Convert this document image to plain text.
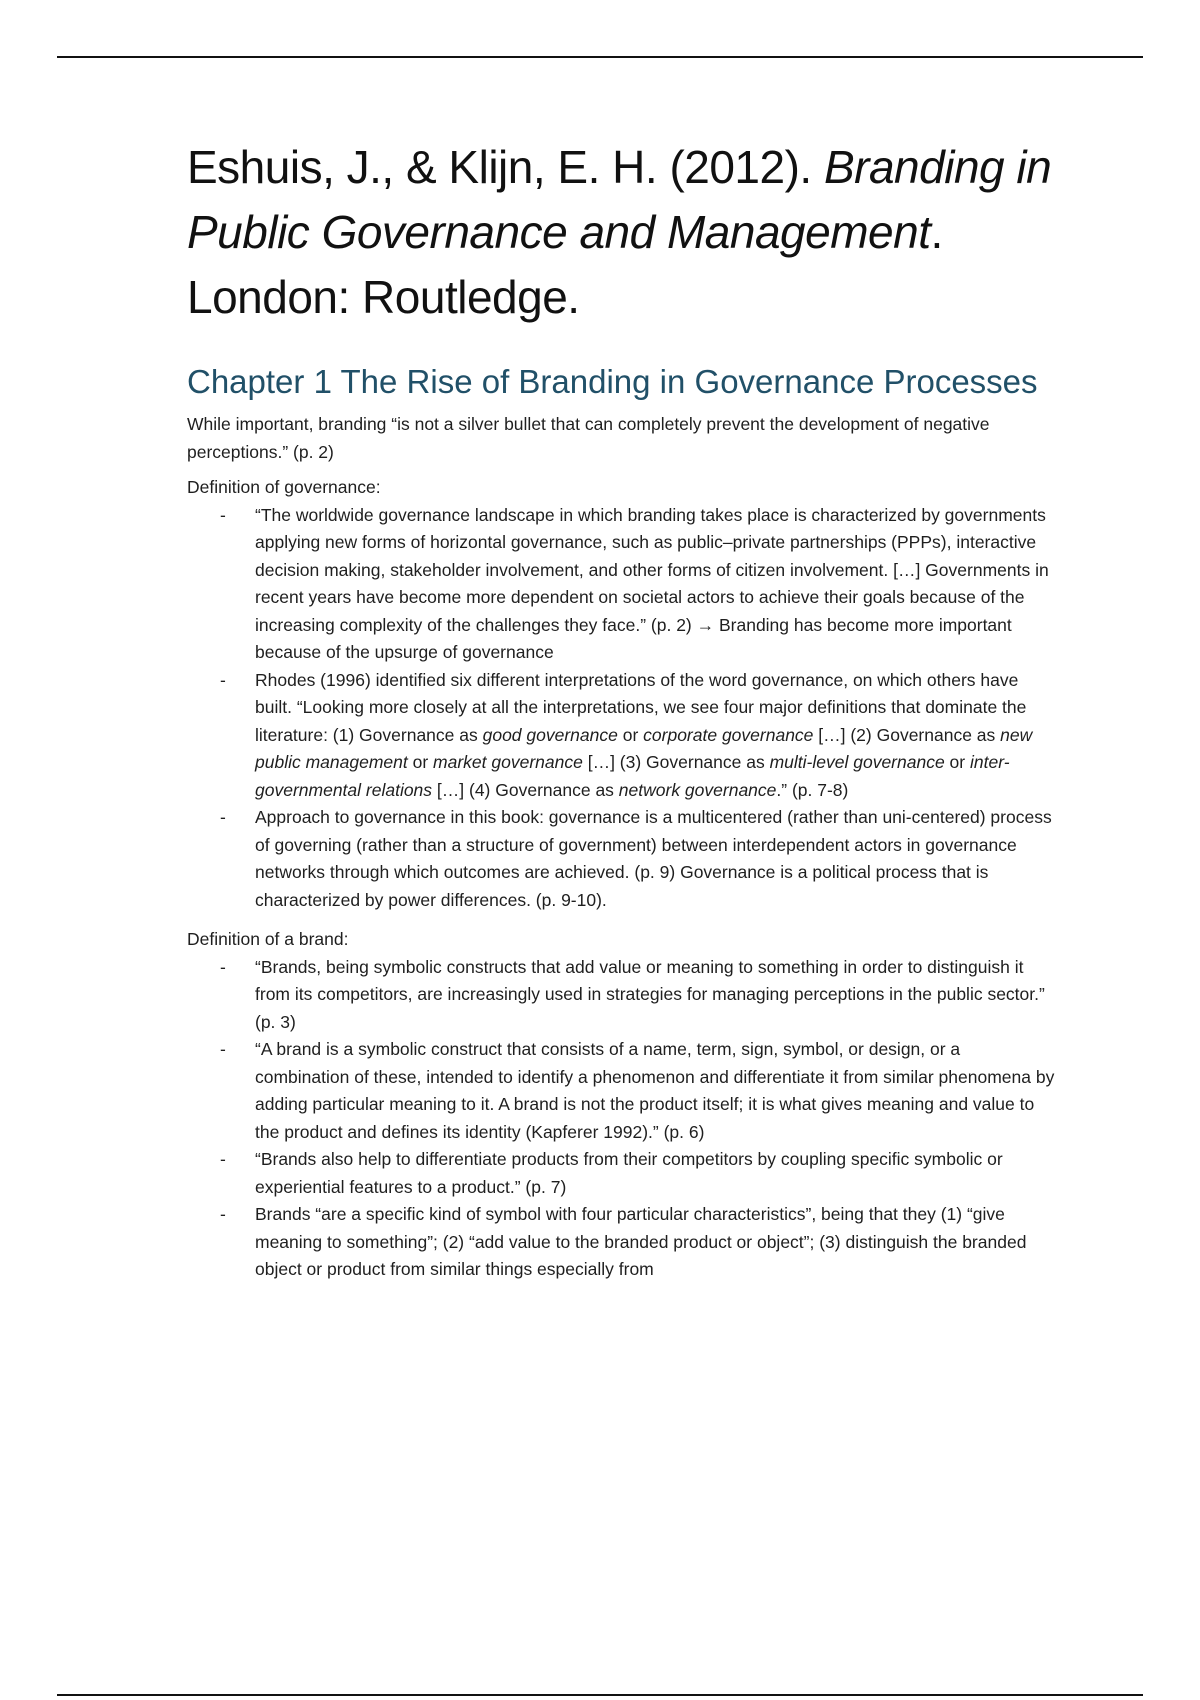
Eshuis, J., & Klijn, E. H. (2012). Branding in Public Governance and Management.
London: Routledge.
Chapter 1 The Rise of Branding in Governance Processes

While important, branding “is not a silver bullet that can completely prevent the development of negative perceptions.” (p. 2)

Definition of governance:

- “The worldwide governance landscape in which branding takes place is characterized by governments applying new forms of horizontal governance, such as public–private partnerships (PPPs), interactive decision making, stakeholder involvement, and other forms of citizen involvement. […] Governments in recent years have become more dependent on societal actors to achieve their goals because of the increasing complexity of the challenges they face.” (p. 2) → Branding has become more important because of the upsurge of governance
- Rhodes (1996) identified six different interpretations of the word governance, on which others have built. “Looking more closely at all the interpretations, we see four major definitions that dominate the literature: (1) Governance as good governance or corporate governance […] (2) Governance as new public management or market governance […] (3) Governance as multi-level governance or inter-governmental relations […] (4) Governance as network governance.” (p. 7-8)
- Approach to governance in this book: governance is a multicentered (rather than uni-centered) process of governing (rather than a structure of government) between interdependent actors in governance networks through which outcomes are achieved. (p. 9) Governance is a political process that is characterized by power differences. (p. 9-10).

Definition of a brand:

- “Brands, being symbolic constructs that add value or meaning to something in order to distinguish it from its competitors, are increasingly used in strategies for managing perceptions in the public sector.” (p. 3)
- “A brand is a symbolic construct that consists of a name, term, sign, symbol, or design, or a combination of these, intended to identify a phenomenon and differentiate it from similar phenomena by adding particular meaning to it. A brand is not the product itself; it is what gives meaning and value to the product and defines its identity (Kapferer 1992).” (p. 6)
- “Brands also help to differentiate products from their competitors by coupling specific symbolic or experiential features to a product.” (p. 7)
- Brands “are a specific kind of symbol with four particular characteristics”, being that they (1) “give meaning to something”; (2) “add value to the branded product or object”; (3) distinguish the branded object or product from similar things especially from
